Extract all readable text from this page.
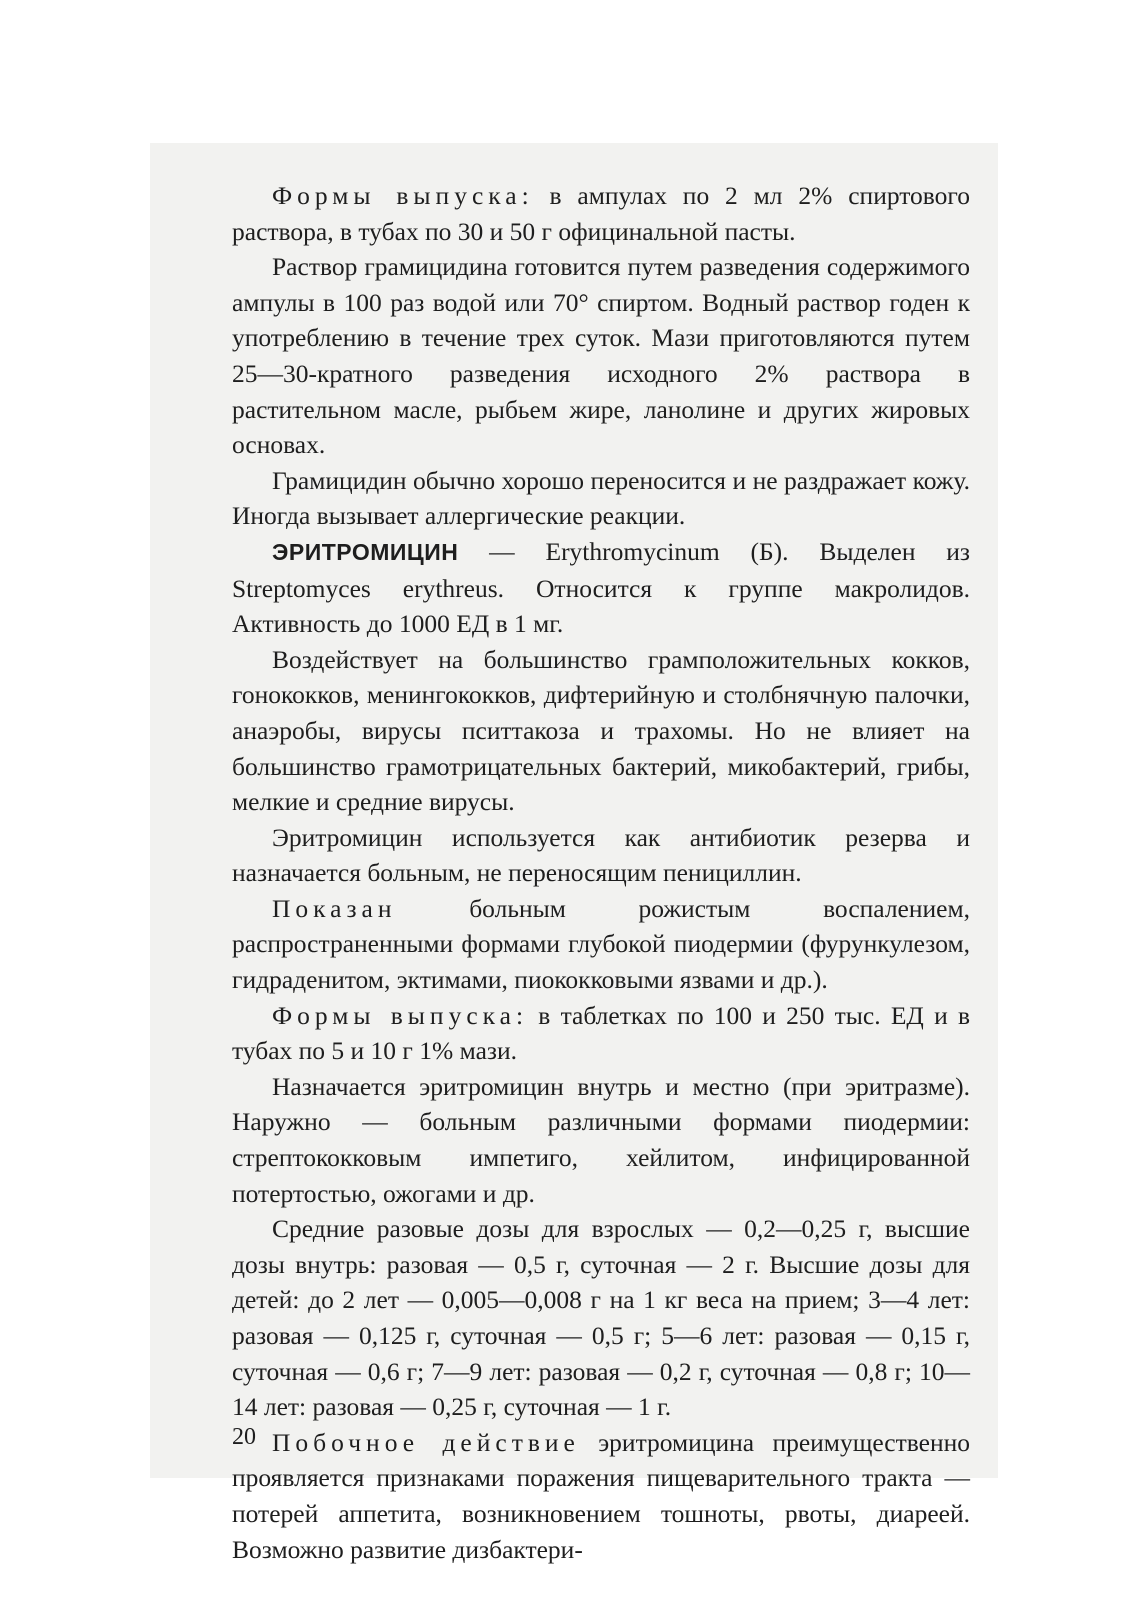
Формы выпуска: в ампулах по 2 мл 2% спиртового раствора, в тубах по 30 и 50 г официнальной пасты.

Раствор грамицидина готовится путем разведения содержимого ампулы в 100 раз водой или 70° спиртом. Водный раствор годен к употреблению в течение трех суток. Мази приготовляются путем 25—30-кратного разведения исходного 2% раствора в растительном масле, рыбьем жире, ланолине и других жировых основах.

Грамицидин обычно хорошо переносится и не раздражает кожу. Иногда вызывает аллергические реакции.

ЭРИТРОМИЦИН — Erythromycinum (Б). Выделен из Streptomyces erythreus. Относится к группе макролидов. Активность до 1000 ЕД в 1 мг.

Воздействует на большинство грамположительных кокков, гонококков, менингококков, дифтерийную и столбнячную палочки, анаэробы, вирусы пситтакоза и трахомы. Но не влияет на большинство грамотрицательных бактерий, микобактерий, грибы, мелкие и средние вирусы.

Эритромицин используется как антибиотик резерва и назначается больным, не переносящим пенициллин.

Показан больным рожистым воспалением, распространенными формами глубокой пиодермии (фурункулезом, гидраденитом, эктимами, пиококковыми язвами и др.).

Формы выпуска: в таблетках по 100 и 250 тыс. ЕД и в тубах по 5 и 10 г 1% мази.

Назначается эритромицин внутрь и местно (при эритразме). Наружно — больным различными формами пиодермии: стрептококковым импетиго, хейлитом, инфицированной потертостью, ожогами и др.

Средние разовые дозы для взрослых — 0,2—0,25 г, высшие дозы внутрь: разовая — 0,5 г, суточная — 2 г. Высшие дозы для детей: до 2 лет — 0,005—0,008 г на 1 кг веса на прием; 3—4 лет: разовая — 0,125 г, суточная — 0,5 г; 5—6 лет: разовая — 0,15 г, суточная — 0,6 г; 7—9 лет: разовая — 0,2 г, суточная — 0,8 г; 10—14 лет: разовая — 0,25 г, суточная — 1 г.

Побочное действие эритромицина преимущественно проявляется признаками поражения пищеварительного тракта — потерей аппетита, возникновением тошноты, рвоты, диареей. Возможно развитие дизбактери-

20
